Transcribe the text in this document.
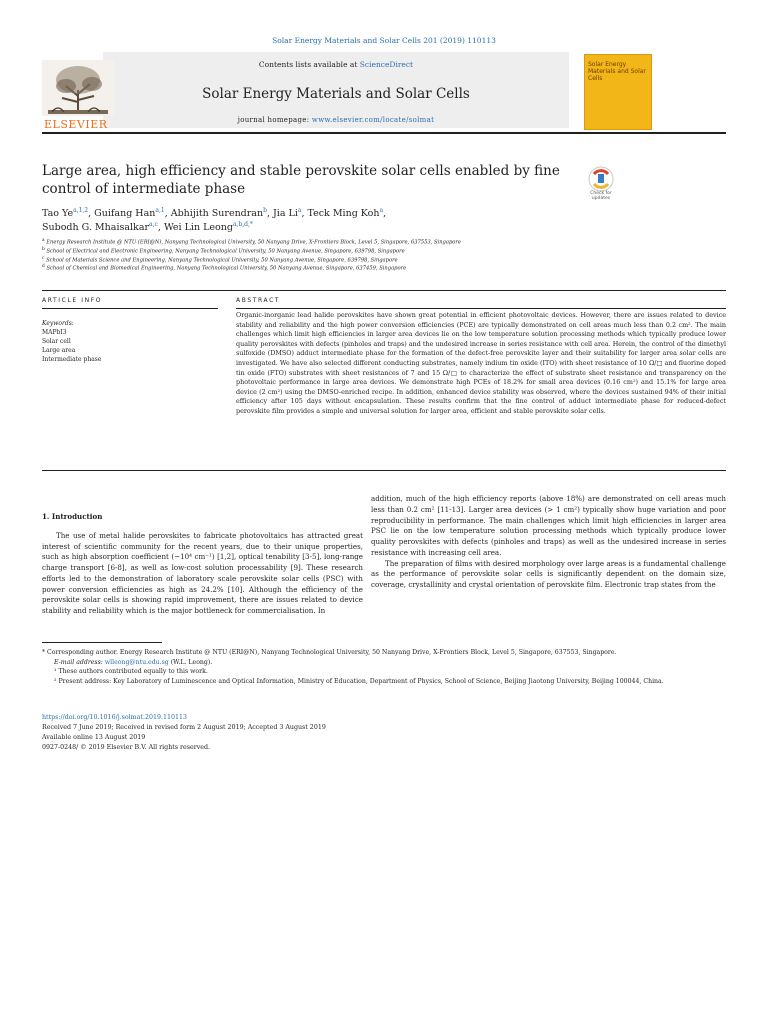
Solar Energy Materials and Solar Cells 201 (2019) 110113
Contents lists available at ScienceDirect
Solar Energy Materials and Solar Cells
journal homepage: www.elsevier.com/locate/solmat
ELSEVIER
Solar Energy Materials and Solar Cells
Large area, high efficiency and stable perovskite solar cells enabled by fine control of intermediate phase	Check for updates
Tao Ye$^{a,1,2}$, Guifang Han$^{a,1}$, Abhijith Surendran$^b$, Jia Li$^a$, Teck Ming Koh$^a$,
Subodh G. Mhaisalkar$^{a,c}$, Wei Lin Leong$^{a,b,d,*}$
$^a$ Energy Research Institute @ NTU (ERI@N), Nanyang Technological University, 50 Nanyang Drive, X-Frontiers Block, Level 5, Singapore, 637553, Singapore
$^b$ School of Electrical and Electronic Engineering, Nanyang Technological University, 50 Nanyang Avenue, Singapore, 639798, Singapore
$^c$ School of Materials Science and Engineering, Nanyang Technological University, 50 Nanyang Avenue, Singapore, 639798, Singapore
$^d$ School of Chemical and Biomedical Engineering, Nanyang Technological University, 50 Nanyang Avenue, Singapore, 637459, Singapore
ARTICLE INFO	ABSTRACT
Keywords:
MAPbI3
Solar cell
Large area
Intermediate phase
Organic-inorganic lead halide perovskites have shown great potential in efficient photovoltaic devices. However, there are issues related to device stability and reliability and the high power conversion efficiencies (PCE) are typically demonstrated on cell areas much less than 0.2 cm². The main challenges which limit high efficiencies in larger area devices lie on the low temperature solution processing methods which typically produce lower quality perovskites with defects (pinholes and traps) and the undesired increase in series resistance with cell area. Herein, the control of the dimethyl sulfoxide (DMSO) adduct intermediate phase for the formation of the defect-free perovskite layer and their suitability for larger area solar cells are investigated. We have also selected different conducting substrates, namely indium tin oxide (ITO) with sheet resistance of 10 Ω/□ and fluorine doped tin oxide (FTO) substrates with sheet resistances of 7 and 15 Ω/□ to characterize the effect of substrate sheet resistance and transparency on the photovoltaic performance in large area devices. We demonstrate high PCEs of 18.2% for small area devices (0.16 cm²) and 15.1% for large area device (2 cm²) using the DMSO-enriched recipe. In addition, enhanced device stability was observed, where the devices sustained 94% of their initial efficiency after 105 days without encapsulation. These results confirm that the fine control of adduct intermediate phase for reduced-defect perovskite film provides a simple and universal solution for larger area, efficient and stable perovskite solar cells.
1. Introduction

The use of metal halide perovskites to fabricate photovoltaics has attracted great interest of scientific community for the recent years, due to their unique properties, such as high absorption coefficient (~10⁴ cm⁻¹) [1,2], optical tenability [3-5], long-range charge transport [6-8], as well as low-cost solution processability [9]. These research efforts led to the demonstration of laboratory scale perovskite solar cells (PSC) with power conversion efficiencies as high as 24.2% [10]. Although the efficiency of the perovskite solar cells is showing rapid improvement, there are issues related to device stability and reliability which is the major bottleneck for commercialisation. In

addition, much of the high efficiency reports (above 18%) are demonstrated on cell areas much less than 0.2 cm² [11-13]. Larger area devices (> 1 cm²) typically show huge variation and poor reproducibility in performance. The main challenges which limit high efficiencies in larger area PSC lie on the low temperature solution processing methods which typically produce lower quality perovskites with defects (pinholes and traps) as well as the undesired increase in series resistance with increasing cell area.

The preparation of films with desired morphology over large areas is a fundamental challenge as the performance of perovskite solar cells is significantly dependent on the domain size, coverage, crystallinity and crystal orientation of perovskite film. Electronic trap states from the

* Corresponding author. Energy Research Institute @ NTU (ERI@N), Nanyang Technological University, 50 Nanyang Drive, X-Frontiers Block, Level 5, Singapore, 637553, Singapore.

E-mail address: wlleong@ntu.edu.sg (W.L. Leong).

¹ These authors contributed equally to this work.

² Present address: Key Laboratory of Luminescence and Optical Information, Ministry of Education, Department of Physics, School of Science, Beijing Jiaotong University, Beijing 100044, China.

https://doi.org/10.1016/j.solmat.2019.110113

Received 7 June 2019; Received in revised form 2 August 2019; Accepted 3 August 2019

Available online 13 August 2019

0927-0248/ © 2019 Elsevier B.V. All rights reserved.
